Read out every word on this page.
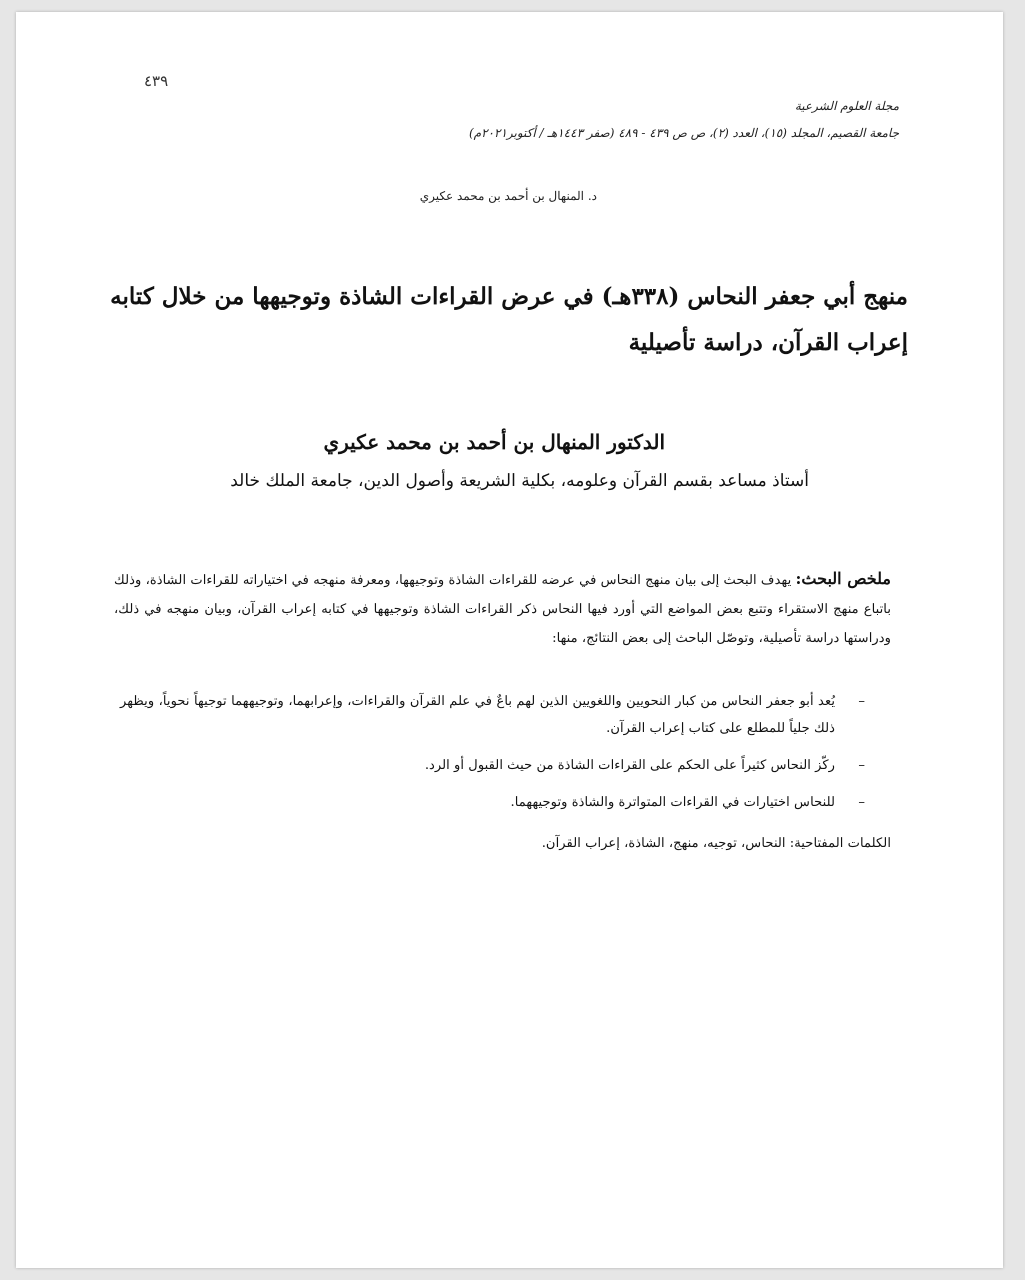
٤٣٩
مجلة العلوم الشرعية
جامعة القصيم، المجلد (١٥)، العدد (٢)، ص ص ٤٣٩ - ٤٨٩ (صفر ١٤٤٣هـ / أكتوبر٢٠٢١م)
د. المنهال بن أحمد بن محمد عكيري
منهج أبي جعفر النحاس (٣٣٨هـ) في عرض القراءات الشاذة وتوجيهها من خلال كتابه إعراب القرآن، دراسة تأصيلية
الدكتور المنهال بن أحمد بن محمد عكيري
أستاذ مساعد بقسم القرآن وعلومه، بكلية الشريعة وأصول الدين، جامعة الملك خالد
ملخص البحث: يهدف البحث إلى بيان منهج النحاس في عرضه للقراءات الشاذة وتوجيهها، ومعرفة منهجه في اختياراته للقراءات الشاذة، وذلك باتباع منهج الاستقراء وتتبع بعض المواضع التي أورد فيها النحاس ذكر القراءات الشاذة وتوجيهها في كتابه إعراب القرآن، وبيان منهجه في ذلك، ودراستها دراسة تأصيلية، وتوصّل الباحث إلى بعض النتائج، منها:
–
يُعد أبو جعفر النحاس من كبار النحويين واللغويين الذين لهم باعٌ في علم القرآن والقراءات، وإعرابهما، وتوجيههما توجيهاً نحوياً، ويظهر ذلك جلياً للمطلع على كتاب إعراب القرآن.
–
ركّز النحاس كثيراً على الحكم على القراءات الشاذة من حيث القبول أو الرد.
–
للنحاس اختيارات في القراءات المتواترة والشاذة وتوجيههما.
الكلمات المفتاحية: النحاس، توجيه، منهج، الشاذة، إعراب القرآن.
